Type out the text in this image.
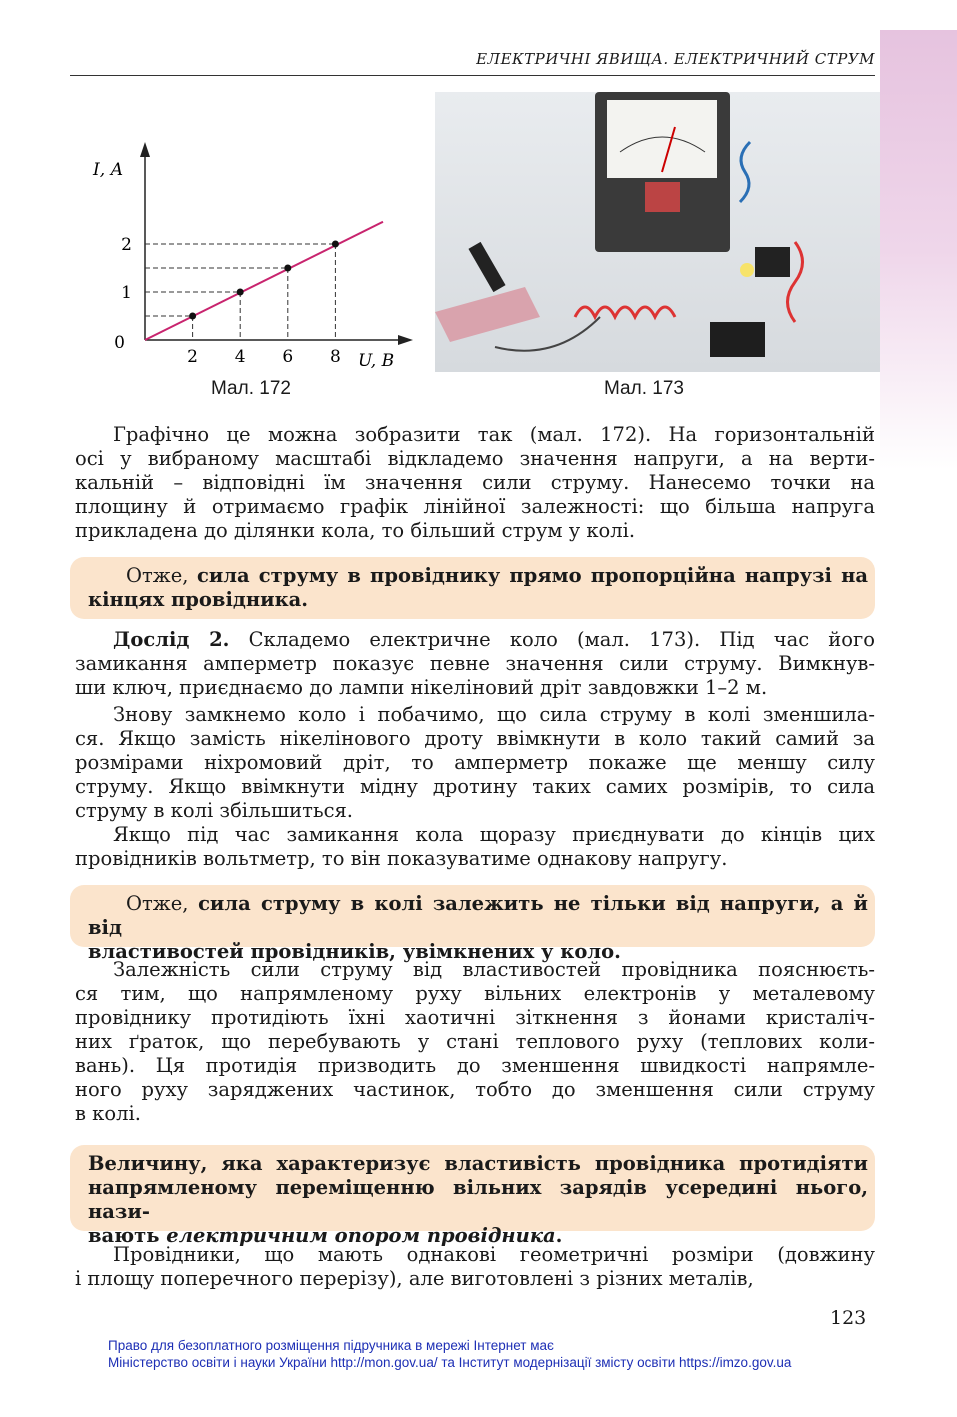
ЕЛЕКТРИЧНІ ЯВИЩА. ЕЛЕКТРИЧНИЙ СТРУМ
2 4 6 8
1
2
0
I, А
U, В
Мал. 172	Мал. 173
Графічно це можна зобразити так (мал. 172). На горизонтальній
осі у вибраному масштабі відкладемо значення напруги, а на верти-
кальній – відповідні їм значення сили струму. Нанесемо точки на
площину й отримаємо графік лінійної залежності: що більша напруга
прикладена до ділянки кола, то більший струм у колі.
Отже, сила струму в провіднику прямо пропорційна напрузі на
кінцях провідника.
Дослід 2. Складемо електричне коло (мал. 173). Під час його
замикання амперметр показує певне значення сили струму. Вимкнув-
ши ключ, приєднаємо до лампи нікеліновий дріт завдовжки 1–2 м.
Знову замкнемо коло і побачимо, що сила струму в колі зменшила-
ся. Якщо замість нікелінового дроту ввімкнути в коло такий самий за
розмірами ніхромовий дріт, то амперметр покаже ще меншу силу
струму. Якщо ввімкнути мідну дротину таких самих розмірів, то сила
струму в колі збільшиться.
Якщо під час замикання кола щоразу приєднувати до кінців цих
провідників вольтметр, то він показуватиме однакову напругу.
Отже, сила струму в колі залежить не тільки від напруги, а й від
властивостей провідників, увімкнених у коло.
Залежність сили струму від властивостей провідника пояснюєть-
ся тим, що напрямленому руху вільних електронів у металевому
провіднику протидіють їхні хаотичні зіткнення з йонами кристаліч-
них ґраток, що перебувають у стані теплового руху (теплових коли-
вань). Ця протидія призводить до зменшення швидкості напрямле-
ного руху заряджених частинок, тобто до зменшення сили струму
в колі.
Величину, яка характеризує властивість провідника протидіяти
напрямленому переміщенню вільних зарядів усередині нього, нази-
вають електричним опором провідника.
Провідники, що мають однакові геометричні розміри (довжину
і площу поперечного перерізу), але виготовлені з різних металів,
123
Право для безоплатного розміщення підручника в мережі Інтернет має
Міністерство освіти і науки України http://mon.gov.ua/ та Інститут модернізації змісту освіти https://imzo.gov.ua
